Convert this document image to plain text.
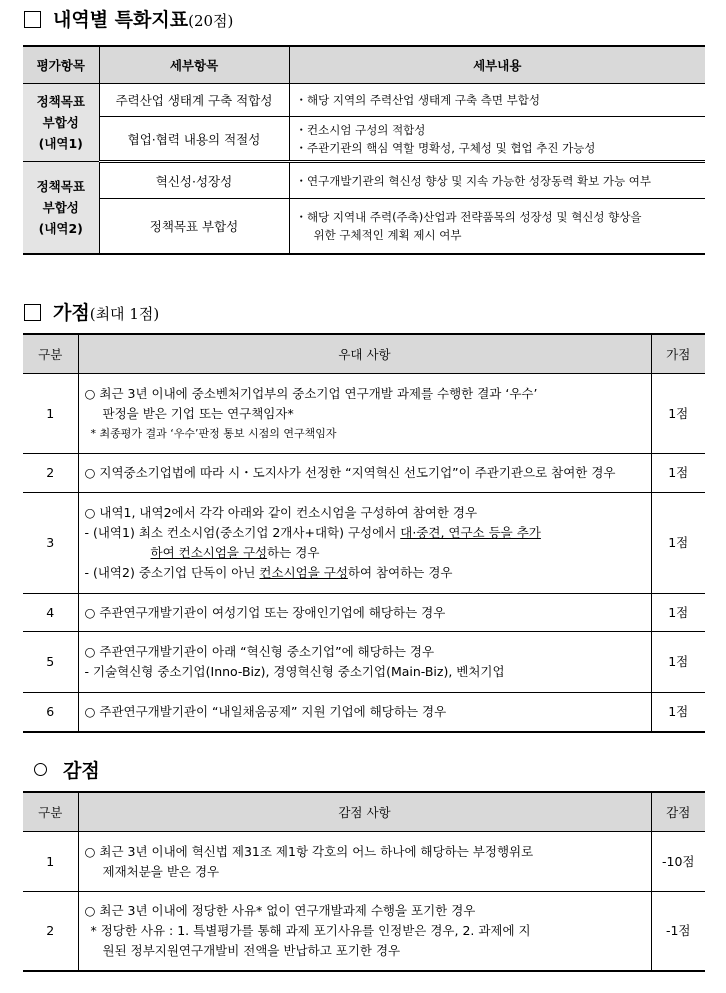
내역별 특화지표(20점)
평가항목	세부항목	세부내용

정책목표
부합성
(내역1)	주력산업 생태계 구축 적합성	・해당 지역의 주력산업 생태계 구축 측면 부합성

	협업·협력 내용의 적절성	・컨소시엄 구성의 적합성
・주관기관의 핵심 역할 명확성, 구체성 및 협업 추진 가능성

정책목표
부합성
(내역2)	혁신성·성장성	・연구개발기관의 혁신성 향상 및 지속 가능한 성장동력 확보 가능 여부

	정책목표 부합성	・해당 지역내 주력(주축)산업과 전략품목의 성장성 및 혁신성 향상을
위한 구체적인 계획 제시 여부
가점(최대 1점)
구분	우대 사항	가점
1	○ 최근 3년 이내에 중소벤처기업부의 중소기업 연구개발 과제를 수행한 결과 ‘우수’
판정을 받은 기업 또는 연구책임자*
* 최종평가 결과 ‘우수’판정 통보 시점의 연구책임자	1점
2	○ 지역중소기업법에 따라 시・도지사가 선정한 “지역혁신 선도기업”이 주관기관으로 참여한 경우	1점
3	○ 내역1, 내역2에서 각각 아래와 같이 컨소시엄을 구성하여 참여한 경우
- (내역1) 최소 컨소시엄(중소기업 2개사+대학) 구성에서 대·중견, 연구소 등을 추가
하여 컨소시엄을 구성하는 경우
- (내역2) 중소기업 단독이 아닌 컨소시엄을 구성하여 참여하는 경우	1점
4	○ 주관연구개발기관이 여성기업 또는 장애인기업에 해당하는 경우	1점
5	○ 주관연구개발기관이 아래 “혁신형 중소기업”에 해당하는 경우
- 기술혁신형 중소기업(Inno-Biz), 경영혁신형 중소기업(Main-Biz), 벤처기업	1점
6	○ 주관연구개발기관이 “내일채움공제” 지원 기업에 해당하는 경우	1점
감점
구분	감점 사항	감점
1	○ 최근 3년 이내에 혁신법 제31조 제1항 각호의 어느 하나에 해당하는 부정행위로
제재처분을 받은 경우	-10점
2	○ 최근 3년 이내에 정당한 사유* 없이 연구개발과제 수행을 포기한 경우
* 정당한 사유 : 1. 특별평가를 통해 과제 포기사유를 인정받은 경우, 2. 과제에 지
원된 정부지원연구개발비 전액을 반납하고 포기한 경우	-1점
